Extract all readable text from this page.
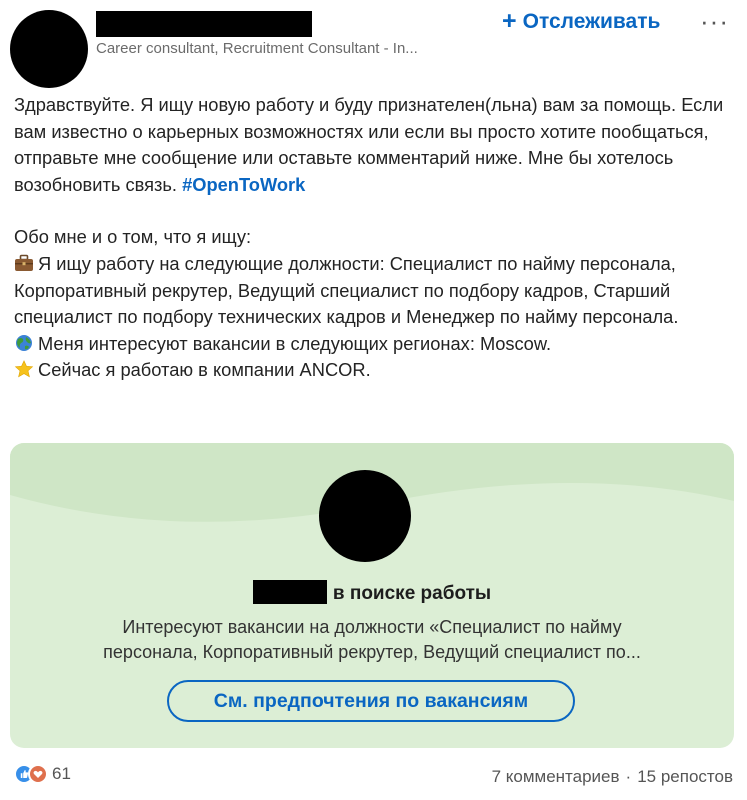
Career consultant, Recruitment Consultant - In...
+ Отслеживать ···

Здравствуйте. Я ищу новую работу и буду признателен(льна) вам за помощь. Если вам известно о карьерных возможностях или если вы просто хотите пообщаться, отправьте мне сообщение или оставьте комментарий ниже. Мне бы хотелось возобновить связь. #OpenToWork

Обо мне и о том, что я ищу:

Я ищу работу на следующие должности: Специалист по найму персонала, Корпоративный рекрутер, Ведущий специалист по подбору кадров, Старший специалист по подбору технических кадров и Менеджер по найму персонала.

Меня интересуют вакансии в следующих регионах: Moscow.

Сейчас я работаю в компании ANCOR.

в поиске работы
Интересуют вакансии на должности «Специалист по найму
персонала, Корпоративный рекрутер, Ведущий специалист по...
См. предпочтения по вакансиям
61	7 комментариев · 15 репостов
